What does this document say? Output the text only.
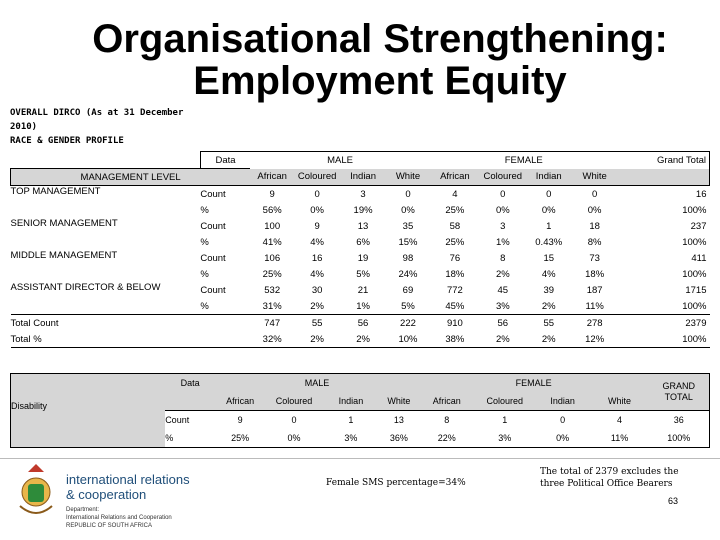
Organisational Strengthening:
Employment Equity
OVERALL DIRCO (As at 31 December
2010)
RACE & GENDER PROFILE
	Data	MALE				FEMALE				Grand Total
MANAGEMENT LEVEL		African	Coloured	Indian	White	African	Coloured	Indian	White	
TOP MANAGEMENT	Count	9	0	3	0	4	0	0	0	16
	%	56%	0%	19%	0%	25%	0%	0%	0%	100%
SENIOR MANAGEMENT	Count	100	9	13	35	58	3	1	18	237
	%	41%	4%	6%	15%	25%	1%	0.43%	8%	100%
MIDDLE MANAGEMENT	Count	106	16	19	98	76	8	15	73	411
	%	25%	4%	5%	24%	18%	2%	4%	18%	100%
ASSISTANT DIRECTOR & BELOW	Count	532	30	21	69	772	45	39	187	1715
	%	31%	2%	1%	5%	45%	3%	2%	11%	100%
Total Count		747	55	56	222	910	56	55	278	2379
Total %		32%	2%	2%	10%	38%	2%	2%	12%	100%
	Data	MALE				FEMALE				GRAND TOTAL
Disability		African	Coloured	Indian	White	African	Coloured	Indian	White	
	Count	9	0	1	13	8	1	0	4	36
	%	25%	0%	3%	36%	22%	3%	0%	11%	100%
international relations
& cooperation
Department:
International Relations and Cooperation
REPUBLIC OF SOUTH AFRICA
Female SMS percentage=34%
The total of 2379 excludes the three Political Office Bearers
63
